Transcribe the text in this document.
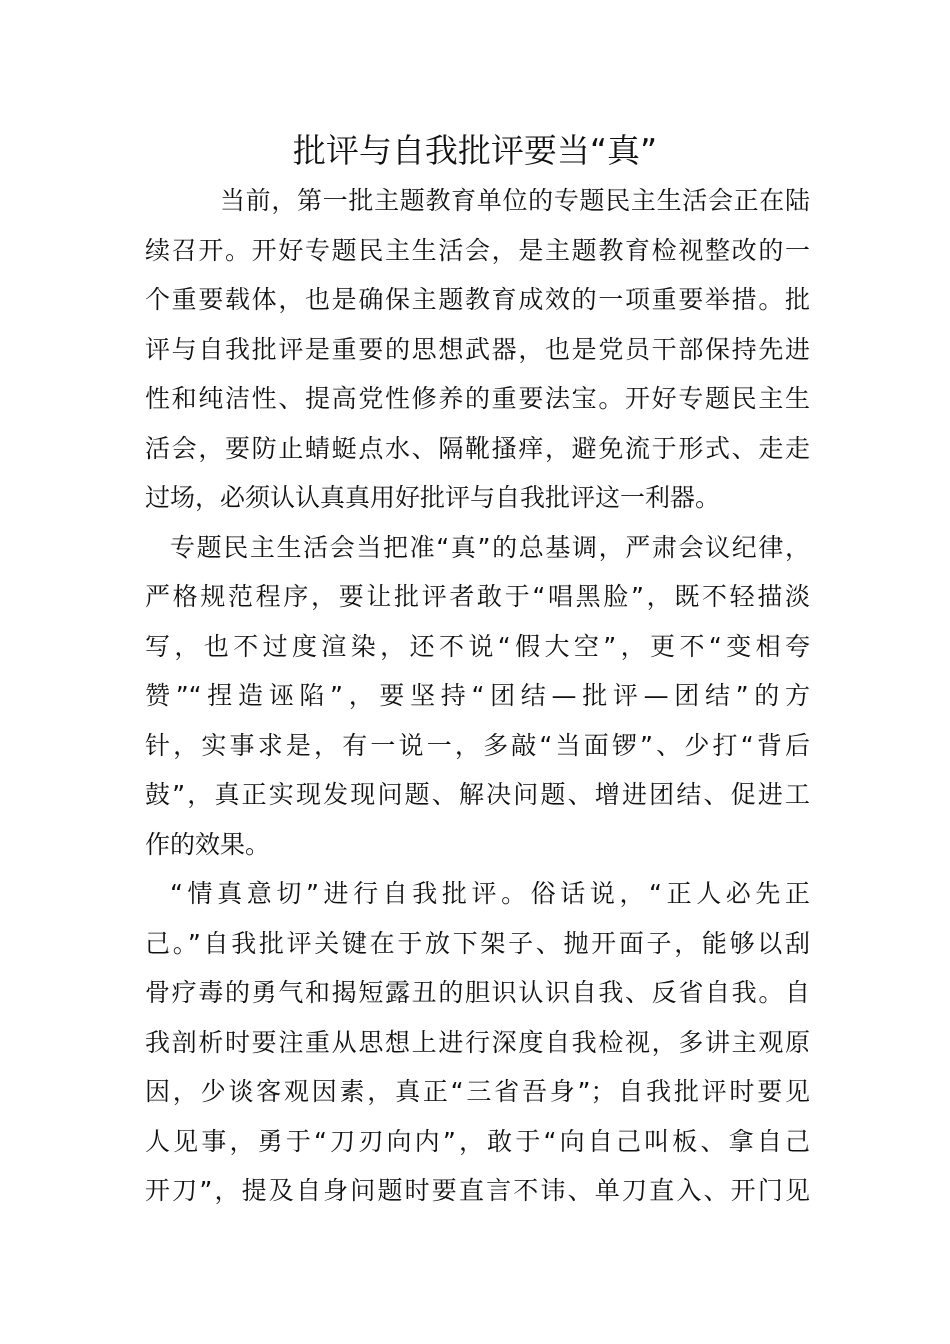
批评与自我批评要当“真”
当前，第一批主题教育单位的专题民主生活会正在陆
续召开。开好专题民主生活会，是主题教育检视整改的一
个重要载体，也是确保主题教育成效的一项重要举措。批
评与自我批评是重要的思想武器，也是党员干部保持先进
性和纯洁性、提高党性修养的重要法宝。开好专题民主生
活会，要防止蜻蜓点水、隔靴搔痒，避免流于形式、走走
过场，必须认认真真用好批评与自我批评这一利器。
专题民主生活会当把准“真”的总基调，严肃会议纪律，
严格规范程序，要让批评者敢于“唱黑脸”，既不轻描淡
写，也不过度渲染，还不说“假大空”，更不“变相夸
赞”“捏造诬陷”，要坚持“团结—批评—团结”的方
针，实事求是，有一说一，多敲“当面锣”、少打“背后
鼓”，真正实现发现问题、解决问题、增进团结、促进工
作的效果。
“情真意切”进行自我批评。俗话说，“正人必先正
己。”自我批评关键在于放下架子、抛开面子，能够以刮
骨疗毒的勇气和揭短露丑的胆识认识自我、反省自我。自
我剖析时要注重从思想上进行深度自我检视，多讲主观原
因，少谈客观因素，真正“三省吾身”；自我批评时要见
人见事，勇于“刀刃向内”，敢于“向自己叫板、拿自己
开刀”，提及自身问题时要直言不讳、单刀直入、开门见
